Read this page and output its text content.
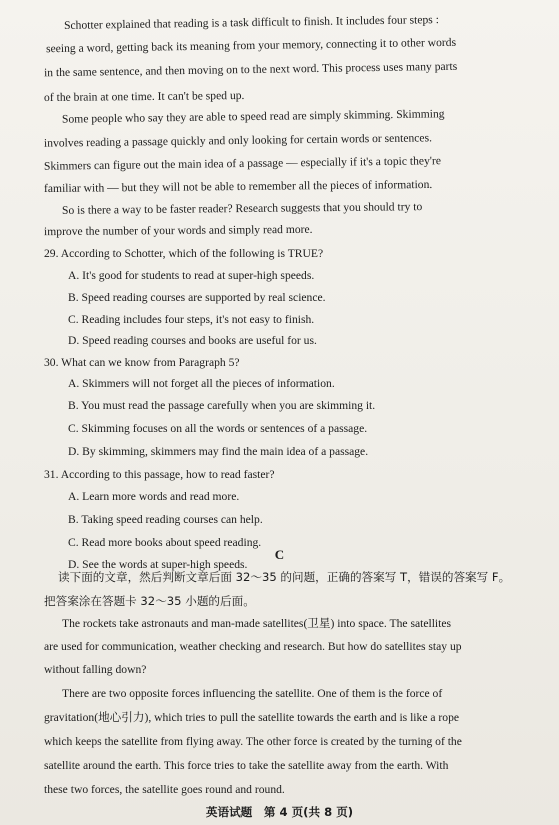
Schotter explained that reading is a task difficult to finish. It includes four steps :
seeing a word, getting back its meaning from your memory, connecting it to other words
in the same sentence, and then moving on to the next word. This process uses many parts
of the brain at one time. It can't be sped up.
Some people who say they are able to speed read are simply skimming. Skimming
involves reading a passage quickly and only looking for certain words or sentences.
Skimmers can figure out the main idea of a passage — especially if it's a topic they're
familiar with — but they will not be able to remember all the pieces of information.
So is there a way to be faster reader? Research suggests that you should try to
improve the number of your words and simply read more.
29. According to Schotter, which of the following is TRUE?
A. It's good for students to read at super-high speeds.
B. Speed reading courses are supported by real science.
C. Reading includes four steps, it's not easy to finish.
D. Speed reading courses and books are useful for us.
30. What can we know from Paragraph 5?
A. Skimmers will not forget all the pieces of information.
B. You must read the passage carefully when you are skimming it.
C. Skimming focuses on all the words or sentences of a passage.
D. By skimming, skimmers may find the main idea of a passage.
31. According to this passage, how to read faster?
A. Learn more words and read more.
B. Taking speed reading courses can help.
C. Read more books about speed reading.
D. See the words at super-high speeds.
C
读下面的文章，然后判断文章后面 32～35 的问题，正确的答案写 T，错误的答案写 F。
把答案涂在答题卡 32～35 小题的后面。
The rockets take astronauts and man-made satellites(卫星) into space. The satellites
are used for communication, weather checking and research. But how do satellites stay up
without falling down?
There are two opposite forces influencing the satellite. One of them is the force of
gravitation(地心引力), which tries to pull the satellite towards the earth and is like a rope
which keeps the satellite from flying away. The other force is created by the turning of the
satellite around the earth. This force tries to take the satellite away from the earth. With
these two forces, the satellite goes round and round.
英语试题　第 4 页(共 8 页)
